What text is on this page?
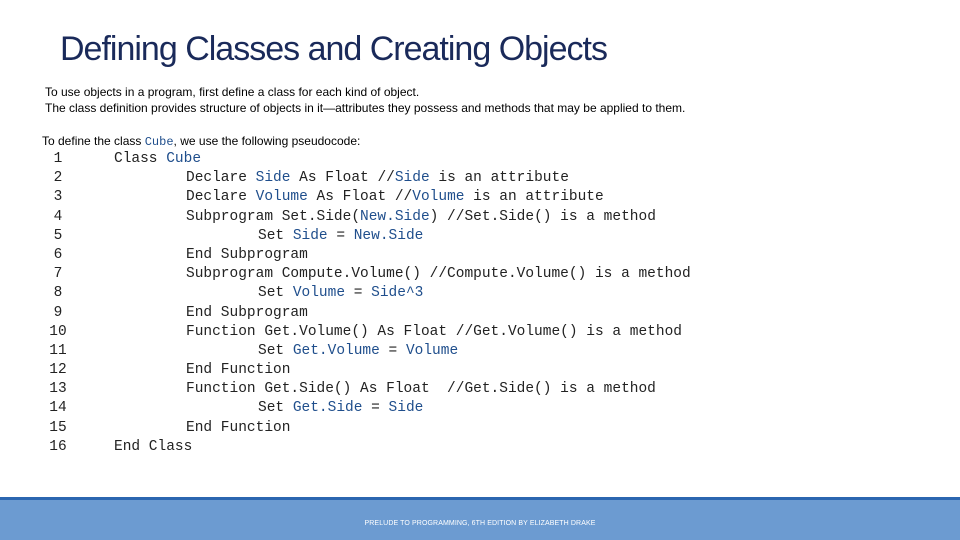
Defining Classes and Creating Objects
To use objects in a program, first define a class for each kind of object.
The class definition provides structure of objects in it—attributes they possess and methods that may be applied to them.
To define the class Cube, we use the following pseudocode:
1	Class Cube
2	Declare Side As Float //Side is an attribute
3	Declare Volume As Float //Volume is an attribute
4	Subprogram Set.Side(New.Side) //Set.Side() is a method
5	Set Side = New.Side
6	End Subprogram
7	Subprogram Compute.Volume() //Compute.Volume() is a method
8	Set Volume = Side^3
9	End Subprogram
10	Function Get.Volume() As Float //Get.Volume() is a method
11	Set Get.Volume = Volume
12	End Function
13	Function Get.Side() As Float  //Get.Side() is a method
14	Set Get.Side = Side
15	End Function
16	End Class
PRELUDE TO PROGRAMMING, 6TH EDITION BY ELIZABETH DRAKE
